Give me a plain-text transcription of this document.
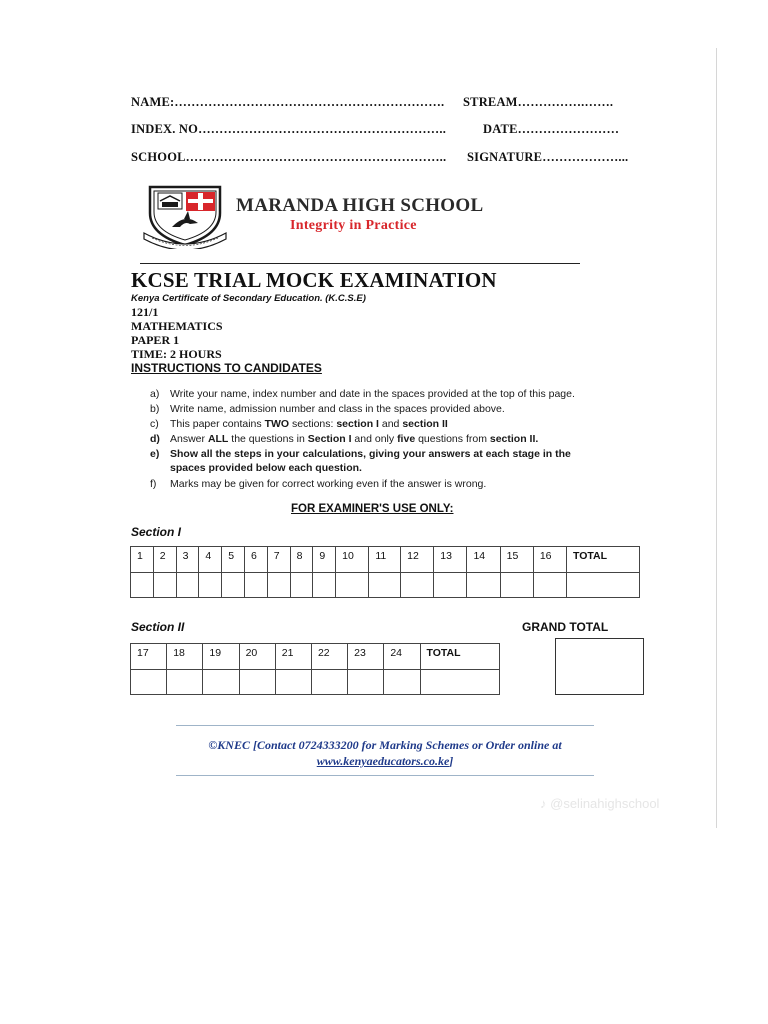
NAME:………………………………………………………. STREAM…………….…….
INDEX. NO…………………………………………………..	DATE……………………
SCHOOL…………………………………………………….. SIGNATURE………………...
MARANDA HIGH SCHOOL
Integrity in Practice
KCSE TRIAL MOCK EXAMINATION
Kenya Certificate of Secondary Education. (K.C.S.E)
121/1
MATHEMATICS
PAPER 1
TIME: 2 HOURS
INSTRUCTIONS TO CANDIDATES
a) Write your name, index number and date in the spaces provided at the top of this page.
b) Write name, admission number and class in the spaces provided above.
c) This paper contains TWO sections: section I and section II
d) Answer ALL the questions in Section I and only five questions from section II.
e) Show all the steps in your calculations, giving your answers at each stage in the
spaces provided below each question.
f) Marks may be given for correct working even if the answer is wrong.
FOR EXAMINER'S USE ONLY:
Section I
1	2	3	4	5	6	7	8	9	10	11	12	13	14	15	16	TOTAL

Section II	GRAND TOTAL
17	18	19	20	21	22	23	24	TOTAL

©KNEC [Contact 0724333200 for Marking Schemes or Order online at
www.kenyaeducators.co.ke]
♪ @selinahighschool
